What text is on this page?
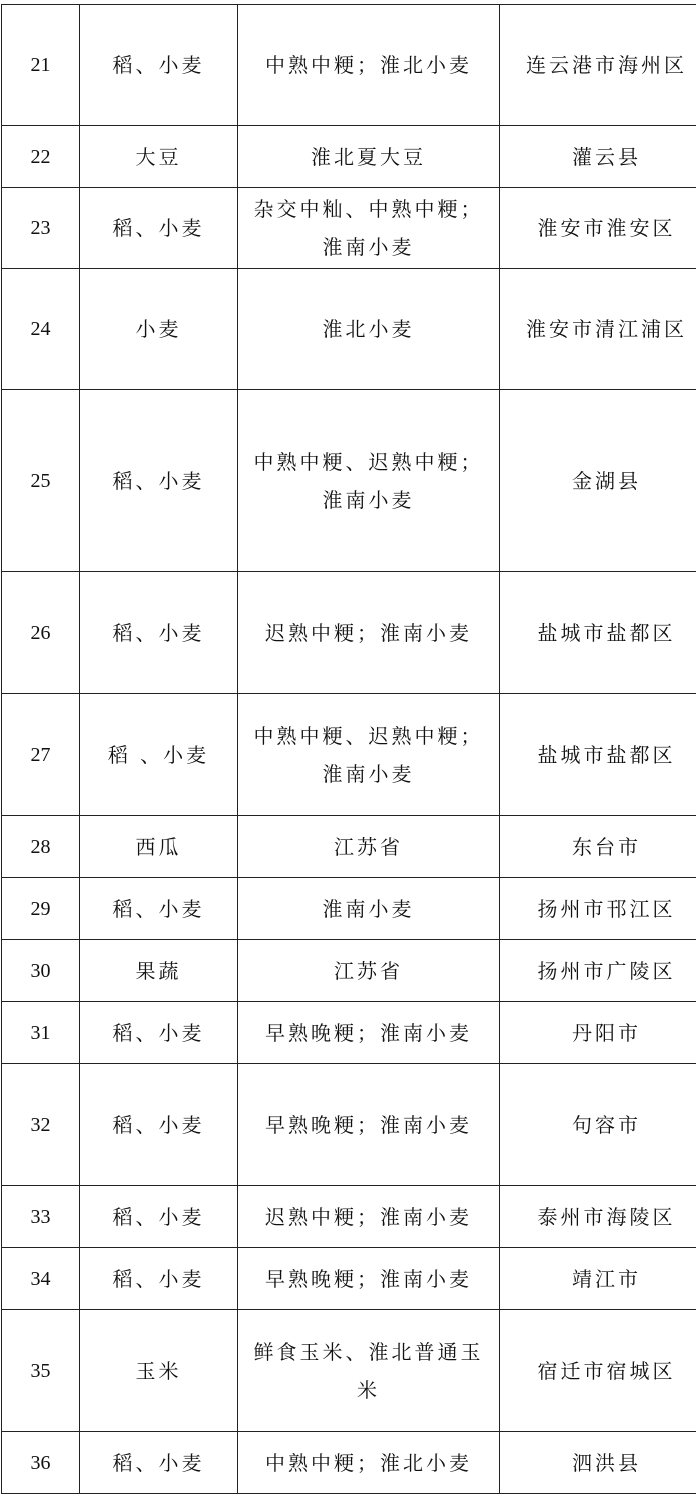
21	稻、小麦	中熟中粳；淮北小麦	连云港市海州区
22	大豆	淮北夏大豆	灌云县
23	稻、小麦	杂交中籼、中熟中粳；
淮南小麦	淮安市淮安区
24	小麦	淮北小麦	淮安市清江浦区
25	稻、小麦	中熟中粳、迟熟中粳；
淮南小麦	金湖县
26	稻、小麦	迟熟中粳；淮南小麦	盐城市盐都区
27	稻 、小麦	中熟中粳、迟熟中粳；
淮南小麦	盐城市盐都区
28	西瓜	江苏省	东台市
29	稻、小麦	淮南小麦	扬州市邗江区
30	果蔬	江苏省	扬州市广陵区
31	稻、小麦	早熟晚粳；淮南小麦	丹阳市
32	稻、小麦	早熟晚粳；淮南小麦	句容市
33	稻、小麦	迟熟中粳；淮南小麦	泰州市海陵区
34	稻、小麦	早熟晚粳；淮南小麦	靖江市
35	玉米	鲜食玉米、淮北普通玉
米	宿迁市宿城区
36	稻、小麦	中熟中粳；淮北小麦	泗洪县
